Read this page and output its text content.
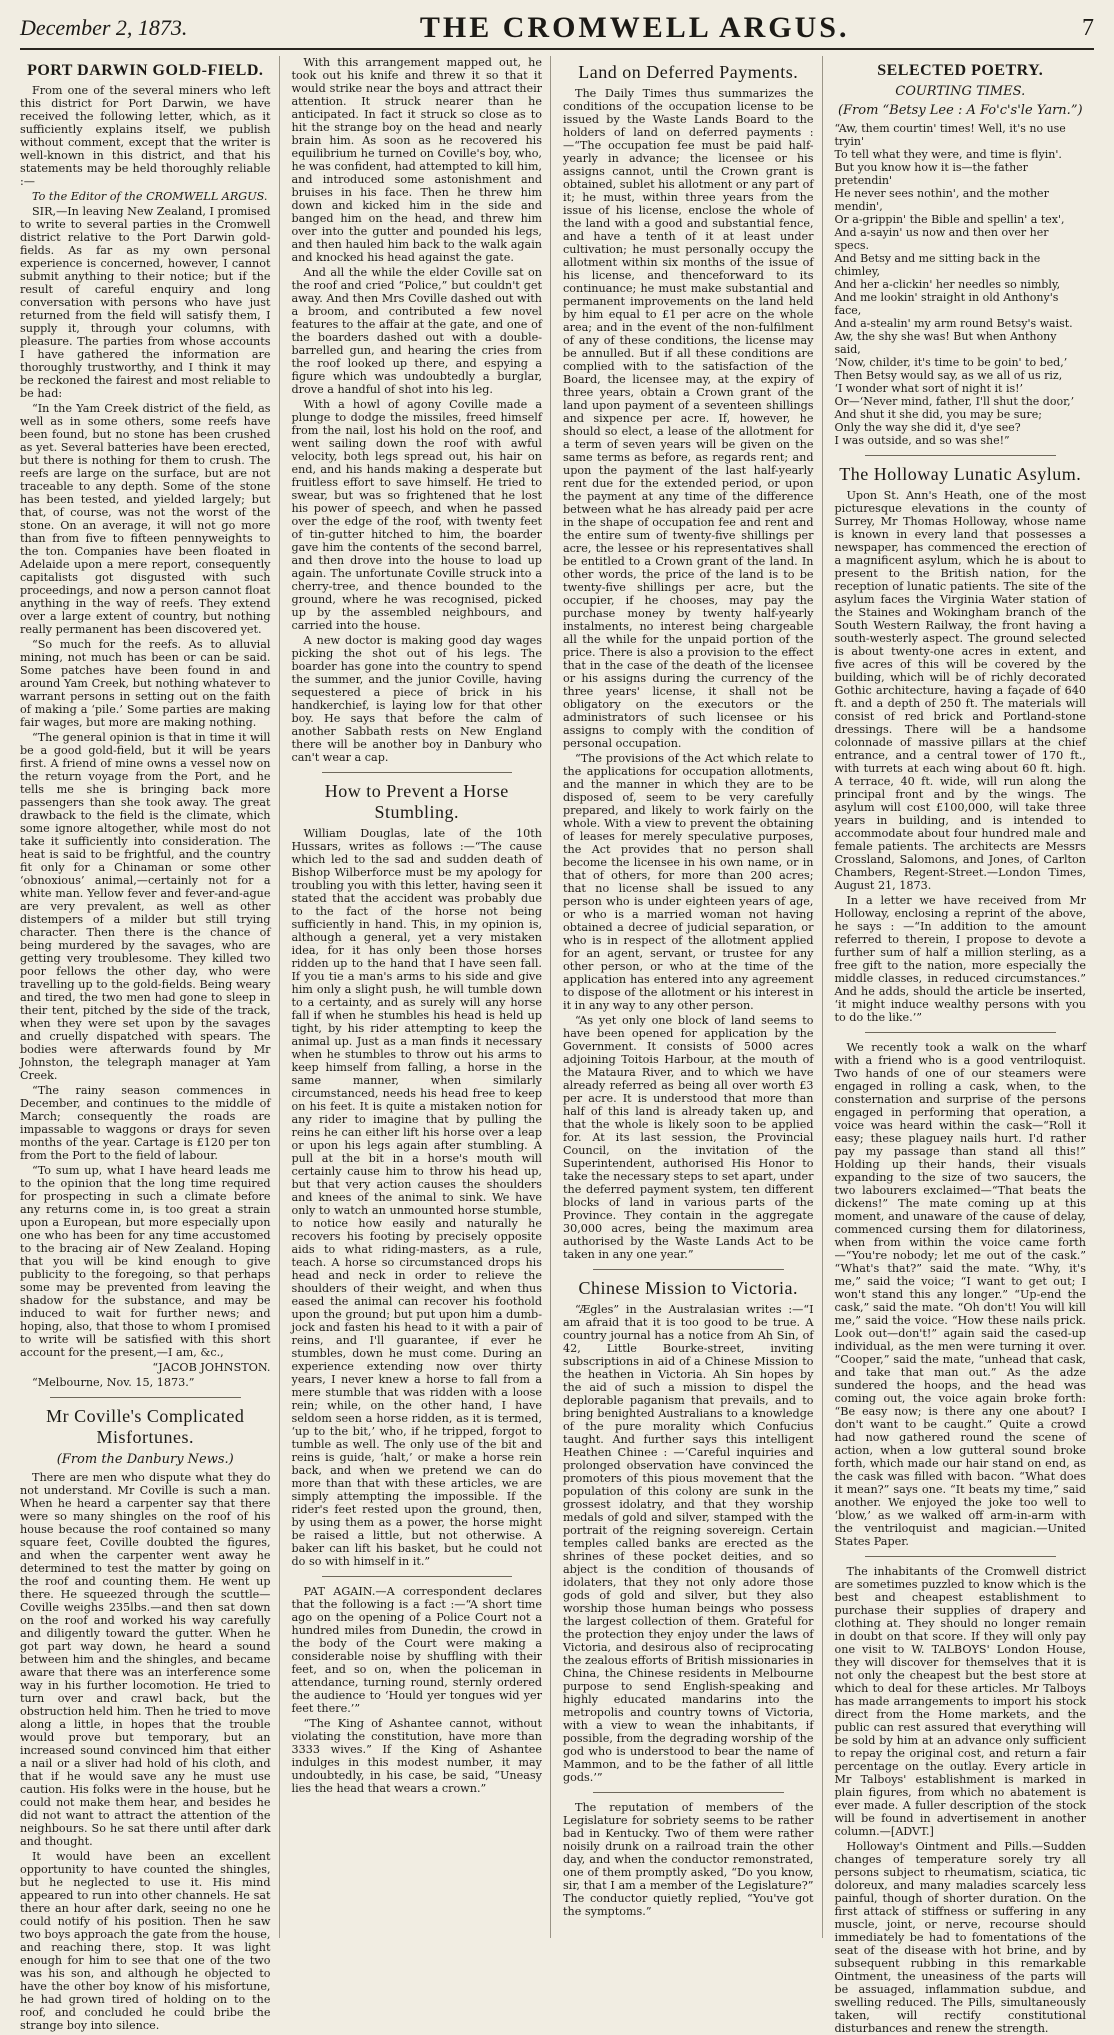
December 2, 1873.	THE CROMWELL ARGUS.	7
PORT DARWIN GOLD-FIELD.

From one of the several miners who left this district for Port Darwin, we have received the following letter, which, as it sufficiently explains itself, we publish without comment, except that the writer is well-known in this district, and that his statements may be held thoroughly reliable :—

To the Editor of the CROMWELL ARGUS.

SIR,—In leaving New Zealand, I promised to write to several parties in the Cromwell district relative to the Port Darwin gold-fields. As far as my own personal experience is concerned, however, I cannot submit anything to their notice; but if the result of careful enquiry and long conversation with persons who have just returned from the field will satisfy them, I supply it, through your columns, with pleasure. The parties from whose accounts I have gathered the information are thoroughly trustworthy, and I think it may be reckoned the fairest and most reliable to be had:

“In the Yam Creek district of the field, as well as in some others, some reefs have been found, but no stone has been crushed as yet. Several batteries have been erected, but there is nothing for them to crush. The reefs are large on the surface, but are not traceable to any depth. Some of the stone has been tested, and yielded largely; but that, of course, was not the worst of the stone. On an average, it will not go more than from five to fifteen pennyweights to the ton. Companies have been floated in Adelaide upon a mere report, consequently capitalists got disgusted with such proceedings, and now a person cannot float anything in the way of reefs. They extend over a large extent of country, but nothing really permanent has been discovered yet.

“So much for the reefs. As to alluvial mining, not much has been or can be said. Some patches have been found in and around Yam Creek, but nothing whatever to warrant persons in setting out on the faith of making a ‘pile.’ Some parties are making fair wages, but more are making nothing.

“The general opinion is that in time it will be a good gold-field, but it will be years first. A friend of mine owns a vessel now on the return voyage from the Port, and he tells me she is bringing back more passengers than she took away. The great drawback to the field is the climate, which some ignore altogether, while most do not take it sufficiently into consideration. The heat is said to be frightful, and the country fit only for a Chinaman or some other ‘obnoxious’ animal,—certainly not for a white man. Yellow fever and fever-and-ague are very prevalent, as well as other distempers of a milder but still trying character. Then there is the chance of being murdered by the savages, who are getting very troublesome. They killed two poor fellows the other day, who were travelling up to the gold-fields. Being weary and tired, the two men had gone to sleep in their tent, pitched by the side of the track, when they were set upon by the savages and cruelly dispatched with spears. The bodies were afterwards found by Mr Johnston, the telegraph manager at Yam Creek.

“The rainy season commences in December, and continues to the middle of March; consequently the roads are impassable to waggons or drays for seven months of the year. Cartage is £120 per ton from the Port to the field of labour.

“To sum up, what I have heard leads me to the opinion that the long time required for prospecting in such a climate before any returns come in, is too great a strain upon a European, but more especially upon one who has been for any time accustomed to the bracing air of New Zealand. Hoping that you will be kind enough to give publicity to the foregoing, so that perhaps some may be prevented from leaving the shadow for the substance, and may be induced to wait for further news; and hoping, also, that those to whom I promised to write will be satisfied with this short account for the present,—I am, &c.,

“JACOB JOHNSTON.

“Melbourne, Nov. 15, 1873.”

Mr Coville's Complicated Misfortunes.
(From the Danbury News.)

There are men who dispute what they do not understand. Mr Coville is such a man. When he heard a carpenter say that there were so many shingles on the roof of his house because the roof contained so many square feet, Coville doubted the figures, and when the carpenter went away he determined to test the matter by going on the roof and counting them. He went up there. He squeezed through the scuttle—Coville weighs 235lbs.—and then sat down on the roof and worked his way carefully and diligently toward the gutter. When he got part way down, he heard a sound between him and the shingles, and became aware that there was an interference some way in his further locomotion. He tried to turn over and crawl back, but the obstruction held him. Then he tried to move along a little, in hopes that the trouble would prove but temporary, but an increased sound convinced him that either a nail or a sliver had hold of his cloth, and that if he would save any he must use caution. His folks were in the house, but he could not make them hear, and besides he did not want to attract the attention of the neighbours. So he sat there until after dark and thought.

It would have been an excellent opportunity to have counted the shingles, but he neglected to use it. His mind appeared to run into other channels. He sat there an hour after dark, seeing no one he could notify of his position. Then he saw two boys approach the gate from the house, and reaching there, stop. It was light enough for him to see that one of the two was his son, and although he objected to have the other boy know of his misfortune, he had grown tired of holding on to the roof, and concluded he could bribe the strange boy into silence.

With this arrangement mapped out, he took out his knife and threw it so that it would strike near the boys and attract their attention. It struck nearer than he anticipated. In fact it struck so close as to hit the strange boy on the head and nearly brain him. As soon as he recovered his equilibrium he turned on Coville's boy, who, he was confident, had attempted to kill him, and introduced some astonishment and bruises in his face. Then he threw him down and kicked him in the side and banged him on the head, and threw him over into the gutter and pounded his legs, and then hauled him back to the walk again and knocked his head against the gate.

And all the while the elder Coville sat on the roof and cried “Police,” but couldn't get away. And then Mrs Coville dashed out with a broom, and contributed a few novel features to the affair at the gate, and one of the boarders dashed out with a double-barrelled gun, and hearing the cries from the roof looked up there, and espying a figure which was undoubtedly a burglar, drove a handful of shot into his leg.

With a howl of agony Coville made a plunge to dodge the missiles, freed himself from the nail, lost his hold on the roof, and went sailing down the roof with awful velocity, both legs spread out, his hair on end, and his hands making a desperate but fruitless effort to save himself. He tried to swear, but was so frightened that he lost his power of speech, and when he passed over the edge of the roof, with twenty feet of tin-gutter hitched to him, the boarder gave him the contents of the second barrel, and then drove into the house to load up again. The unfortunate Coville struck into a cherry-tree, and thence bounded to the ground, where he was recognised, picked up by the assembled neighbours, and carried into the house.

A new doctor is making good day wages picking the shot out of his legs. The boarder has gone into the country to spend the summer, and the junior Coville, having sequestered a piece of brick in his handkerchief, is laying low for that other boy. He says that before the calm of another Sabbath rests on New England there will be another boy in Danbury who can't wear a cap.

How to Prevent a Horse Stumbling.

William Douglas, late of the 10th Hussars, writes as follows :—“The cause which led to the sad and sudden death of Bishop Wilberforce must be my apology for troubling you with this letter, having seen it stated that the accident was probably due to the fact of the horse not being sufficiently in hand. This, in my opinion is, although a general, yet a very mistaken idea, for it has only been those horses ridden up to the hand that I have seen fall. If you tie a man's arms to his side and give him only a slight push, he will tumble down to a certainty, and as surely will any horse fall if when he stumbles his head is held up tight, by his rider attempting to keep the animal up. Just as a man finds it necessary when he stumbles to throw out his arms to keep himself from falling, a horse in the same manner, when similarly circumstanced, needs his head free to keep on his feet. It is quite a mistaken notion for any rider to imagine that by pulling the reins he can either lift his horse over a leap or upon his legs again after stumbling. A pull at the bit in a horse's mouth will certainly cause him to throw his head up, but that very action causes the shoulders and knees of the animal to sink. We have only to watch an unmounted horse stumble, to notice how easily and naturally he recovers his footing by precisely opposite aids to what riding-masters, as a rule, teach. A horse so circumstanced drops his head and neck in order to relieve the shoulders of their weight, and when thus eased the animal can recover his foothold upon the ground; but put upon him a dumb-jock and fasten his head to it with a pair of reins, and I'll guarantee, if ever he stumbles, down he must come. During an experience extending now over thirty years, I never knew a horse to fall from a mere stumble that was ridden with a loose rein; while, on the other hand, I have seldom seen a horse ridden, as it is termed, ‘up to the bit,’ who, if he tripped, forgot to tumble as well. The only use of the bit and reins is guide, ‘halt,’ or make a horse rein back, and when we pretend we can do more than that with these articles, we are simply attempting the impossible. If the rider's feet rested upon the ground, then, by using them as a power, the horse might be raised a little, but not otherwise. A baker can lift his basket, but he could not do so with himself in it.”

PAT AGAIN.—A correspondent declares that the following is a fact :—“A short time ago on the opening of a Police Court not a hundred miles from Dunedin, the crowd in the body of the Court were making a considerable noise by shuffling with their feet, and so on, when the policeman in attendance, turning round, sternly ordered the audience to ‘Hould yer tongues wid yer feet there.’”

“The King of Ashantee cannot, without violating the constitution, have more than 3333 wives.” If the King of Ashantee indulges in this modest number, it may undoubtedly, in his case, be said, “Uneasy lies the head that wears a crown.”

Land on Deferred Payments.

The Daily Times thus summarizes the conditions of the occupation license to be issued by the Waste Lands Board to the holders of land on deferred payments :—“The occupation fee must be paid half-yearly in advance; the licensee or his assigns cannot, until the Crown grant is obtained, sublet his allotment or any part of it; he must, within three years from the issue of his license, enclose the whole of the land with a good and substantial fence, and have a tenth of it at least under cultivation; he must personally occupy the allotment within six months of the issue of his license, and thenceforward to its continuance; he must make substantial and permanent improvements on the land held by him equal to £1 per acre on the whole area; and in the event of the non-fulfilment of any of these conditions, the license may be annulled. But if all these conditions are complied with to the satisfaction of the Board, the licensee may, at the expiry of three years, obtain a Crown grant of the land upon payment of a seventeen shillings and sixpence per acre. If, however, he should so elect, a lease of the allotment for a term of seven years will be given on the same terms as before, as regards rent; and upon the payment of the last half-yearly rent due for the extended period, or upon the payment at any time of the difference between what he has already paid per acre in the shape of occupation fee and rent and the entire sum of twenty-five shillings per acre, the lessee or his representatives shall be entitled to a Crown grant of the land. In other words, the price of the land is to be twenty-five shillings per acre, but the occupier, if he chooses, may pay the purchase money by twenty half-yearly instalments, no interest being chargeable all the while for the unpaid portion of the price. There is also a provision to the effect that in the case of the death of the licensee or his assigns during the currency of the three years' license, it shall not be obligatory on the executors or the administrators of such licensee or his assigns to comply with the condition of personal occupation.

“The provisions of the Act which relate to the applications for occupation allotments, and the manner in which they are to be disposed of, seem to be very carefully prepared, and likely to work fairly on the whole. With a view to prevent the obtaining of leases for merely speculative purposes, the Act provides that no person shall become the licensee in his own name, or in that of others, for more than 200 acres; that no license shall be issued to any person who is under eighteen years of age, or who is a married woman not having obtained a decree of judicial separation, or who is in respect of the allotment applied for an agent, servant, or trustee for any other person, or who at the time of the application has entered into any agreement to dispose of the allotment or his interest in it in any way to any other person.

“As yet only one block of land seems to have been opened for application by the Government. It consists of 5000 acres adjoining Toitois Harbour, at the mouth of the Mataura River, and to which we have already referred as being all over worth £3 per acre. It is understood that more than half of this land is already taken up, and that the whole is likely soon to be applied for. At its last session, the Provincial Council, on the invitation of the Superintendent, authorised His Honor to take the necessary steps to set apart, under the deferred payment system, ten different blocks of land in various parts of the Province. They contain in the aggregate 30,000 acres, being the maximum area authorised by the Waste Lands Act to be taken in any one year.”

Chinese Mission to Victoria.

“Ægles” in the Australasian writes :—“I am afraid that it is too good to be true. A country journal has a notice from Ah Sin, of 42, Little Bourke-street, inviting subscriptions in aid of a Chinese Mission to the heathen in Victoria. Ah Sin hopes by the aid of such a mission to dispel the deplorable paganism that prevails, and to bring benighted Australians to a knowledge of the pure morality which Confucius taught. And further says this intelligent Heathen Chinee : —‘Careful inquiries and prolonged observation have convinced the promoters of this pious movement that the population of this colony are sunk in the grossest idolatry, and that they worship medals of gold and silver, stamped with the portrait of the reigning sovereign. Certain temples called banks are erected as the shrines of these pocket deities, and so abject is the condition of thousands of idolaters, that they not only adore those gods of gold and silver, but they also worship those human beings who possess the largest collection of them. Grateful for the protection they enjoy under the laws of Victoria, and desirous also of reciprocating the zealous efforts of British missionaries in China, the Chinese residents in Melbourne purpose to send English-speaking and highly educated mandarins into the metropolis and country towns of Victoria, with a view to wean the inhabitants, if possible, from the degrading worship of the god who is understood to bear the name of Mammon, and to be the father of all little gods.’”

The reputation of members of the Legislature for sobriety seems to be rather bad in Kentucky. Two of them were rather noisily drunk on a railroad train the other day, and when the conductor remonstrated, one of them promptly asked, “Do you know, sir, that I am a member of the Legislature?” The conductor quietly replied, “You've got the symptoms.”

SELECTED POETRY.
COURTING TIMES.
(From “Betsy Lee : A Fo'c's'le Yarn.”)
“Aw, them courtin' times! Well, it's no use tryin'
To tell what they were, and time is flyin'.
But you know how it is—the father pretendin'
He never sees nothin', and the mother mendin',
Or a-grippin' the Bible and spellin' a tex',
And a-sayin' us now and then over her specs.
And Betsy and me sitting back in the chimley,
And her a-clickin' her needles so nimbly,
And me lookin' straight in old Anthony's face,
And a-stealin' my arm round Betsy's waist.
Aw, the shy she was! But when Anthony said,
‘Now, childer, it's time to be goin' to bed,’
Then Betsy would say, as we all of us riz,
‘I wonder what sort of night it is!’
Or—‘Never mind, father, I'll shut the door,’
And shut it she did, you may be sure;
Only the way she did it, d'ye see?
I was outside, and so was she!”
The Holloway Lunatic Asylum.

Upon St. Ann's Heath, one of the most picturesque elevations in the county of Surrey, Mr Thomas Holloway, whose name is known in every land that possesses a newspaper, has commenced the erection of a magnificent asylum, which he is about to present to the British nation, for the reception of lunatic patients. The site of the asylum faces the Virginia Water station of the Staines and Wokingham branch of the South Western Railway, the front having a south-westerly aspect. The ground selected is about twenty-one acres in extent, and five acres of this will be covered by the building, which will be of richly decorated Gothic architecture, having a façade of 640 ft. and a depth of 250 ft. The materials will consist of red brick and Portland-stone dressings. There will be a handsome colonnade of massive pillars at the chief entrance, and a central tower of 170 ft., with turrets at each wing about 60 ft. high. A terrace, 40 ft. wide, will run along the principal front and by the wings. The asylum will cost £100,000, will take three years in building, and is intended to accommodate about four hundred male and female patients. The architects are Messrs Crossland, Salomons, and Jones, of Carlton Chambers, Regent-Street.—London Times, August 21, 1873.

In a letter we have received from Mr Holloway, enclosing a reprint of the above, he says : —“In addition to the amount referred to therein, I propose to devote a further sum of half a million sterling, as a free gift to the nation, more especially the middle classes, in reduced circumstances.” And he adds, should the article be inserted, ‘it might induce wealthy persons with you to do the like.’”

We recently took a walk on the wharf with a friend who is a good ventriloquist. Two hands of one of our steamers were engaged in rolling a cask, when, to the consternation and surprise of the persons engaged in performing that operation, a voice was heard within the cask—“Roll it easy; these plaguey nails hurt. I'd rather pay my passage than stand all this!” Holding up their hands, their visuals expanding to the size of two saucers, the two labourers exclaimed—“That beats the dickens!” The mate coming up at this moment, and unaware of the cause of delay, commenced cursing them for dilatoriness, when from within the voice came forth —“You're nobody; let me out of the cask.” “What's that?” said the mate. “Why, it's me,” said the voice; “I want to get out; I won't stand this any longer.” “Up-end the cask,” said the mate. “Oh don't! You will kill me,” said the voice. “How these nails prick. Look out—don't!” again said the cased-up individual, as the men were turning it over. “Cooper,” said the mate, “unhead that cask, and take that man out.” As the adze sundered the hoops, and the head was coming out, the voice again broke forth: “Be easy now; is there any one about? I don't want to be caught.” Quite a crowd had now gathered round the scene of action, when a low gutteral sound broke forth, which made our hair stand on end, as the cask was filled with bacon. “What does it mean?” says one. “It beats my time,” said another. We enjoyed the joke too well to ‘blow,’ as we walked off arm-in-arm with the ventriloquist and magician.—United States Paper.

The inhabitants of the Cromwell district are sometimes puzzled to know which is the best and cheapest establishment to purchase their supplies of drapery and clothing at. They should no longer remain in doubt on that score. If they will only pay one visit to W. TALBOYS' London House, they will discover for themselves that it is not only the cheapest but the best store at which to deal for these articles. Mr Talboys has made arrangements to import his stock direct from the Home markets, and the public can rest assured that everything will be sold by him at an advance only sufficient to repay the original cost, and return a fair percentage on the outlay. Every article in Mr Talboys' establishment is marked in plain figures, from which no abatement is ever made. A fuller description of the stock will be found in advertisement in another column.—[ADVT.]

Holloway's Ointment and Pills.—Sudden changes of temperature sorely try all persons subject to rheumatism, sciatica, tic doloreux, and many maladies scarcely less painful, though of shorter duration. On the first attack of stiffness or suffering in any muscle, joint, or nerve, recourse should immediately be had to fomentations of the seat of the disease with hot brine, and by subsequent rubbing in this remarkable Ointment, the uneasiness of the parts will be assuaged, inflammation subdue, and swelling reduced. The Pills, simultaneously taken, will rectify constitutional disturbances and renew the strength.
